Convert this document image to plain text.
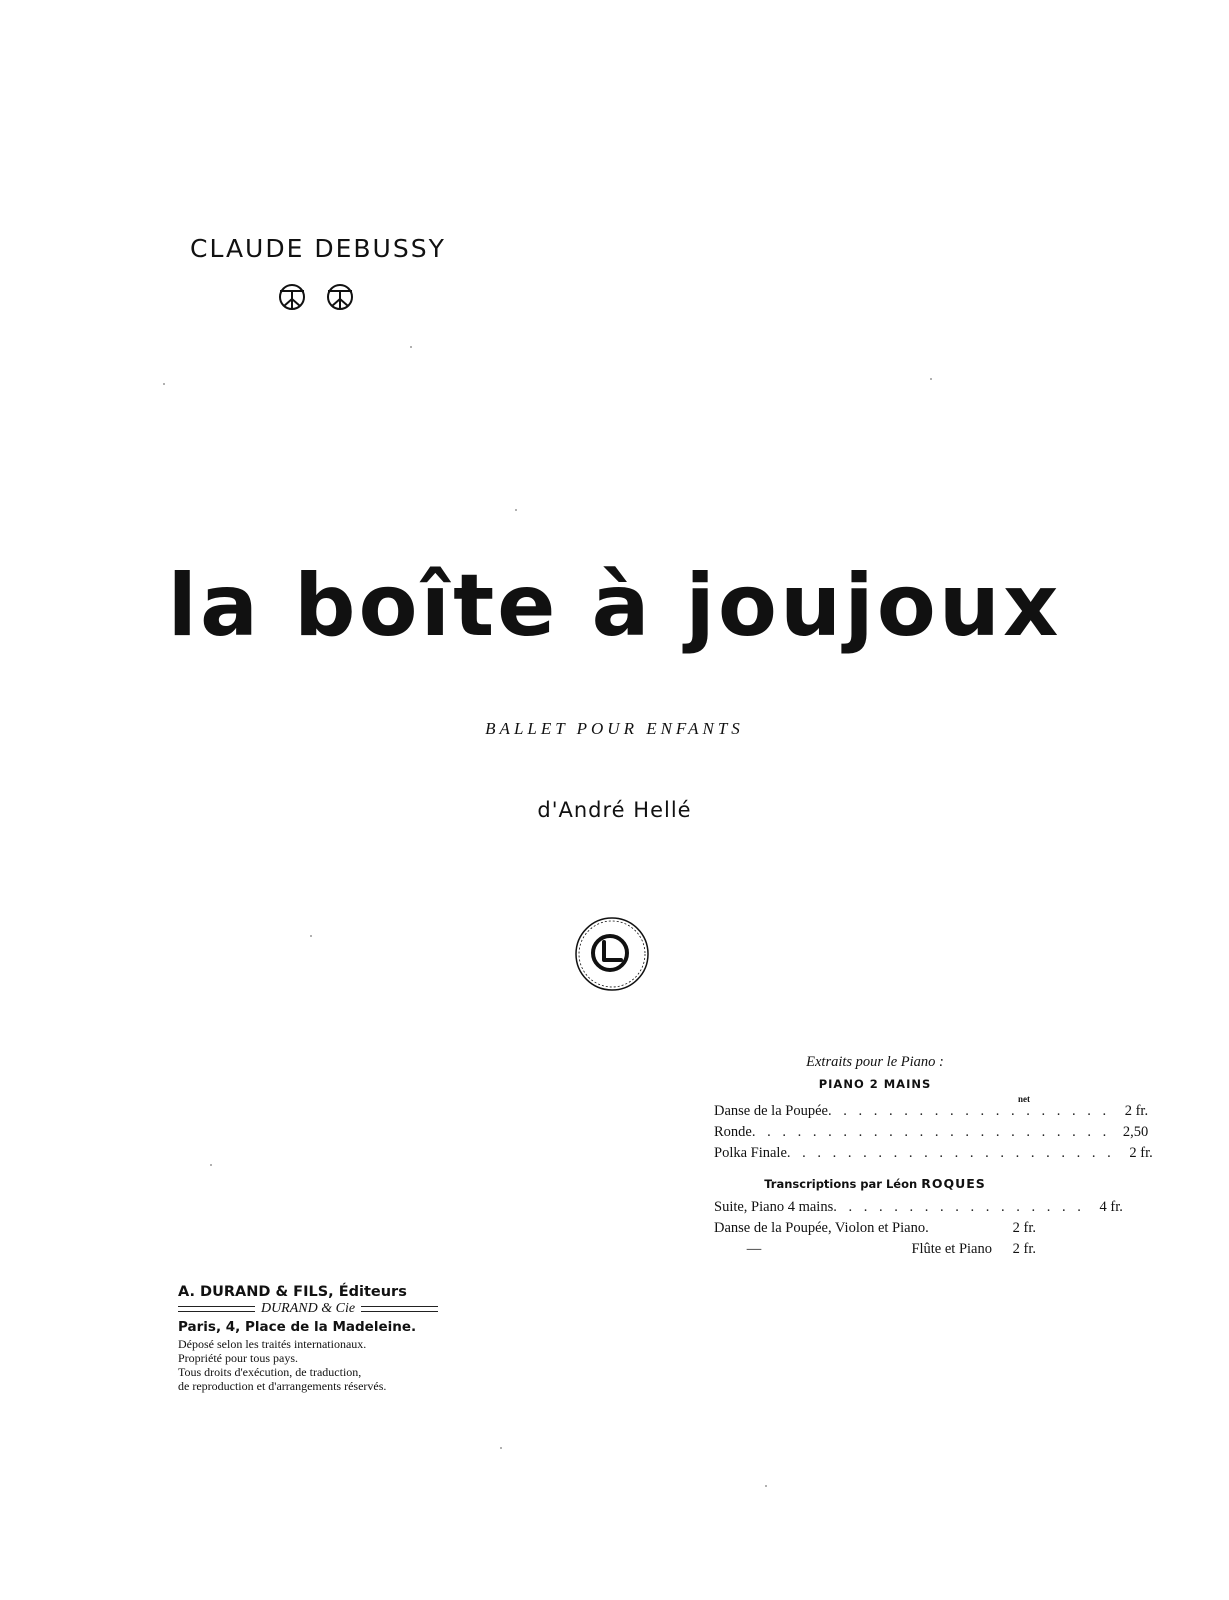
CLAUDE DEBUSSY
la boîte à joujoux
BALLET POUR ENFANTS
d'André Hellé
Extraits pour le Piano :
PIANO 2 MAINS
net
Danse de la Poupée . . . . . . . . . . . . . . . . . . .	2 fr.
Ronde . . . . . . . . . . . . . . . . . . . . . . . . 2,50
Polka Finale . . . . . . . . . . . . . . . . . . . . . .	2 fr.
Transcriptions par Léon ROQUES
Suite, Piano 4 mains . . . . . . . . . . . . . . . . .	4 fr.
Danse de la Poupée, Violon et Piano.	2 fr.
—	Flûte et Piano	2 fr.
A. DURAND & FILS, Éditeurs
DURAND & Cie
Paris, 4, Place de la Madeleine.
Déposé selon les traités internationaux.
Propriété pour tous pays.
Tous droits d'exécution, de traduction,
de reproduction et d'arrangements réservés.
